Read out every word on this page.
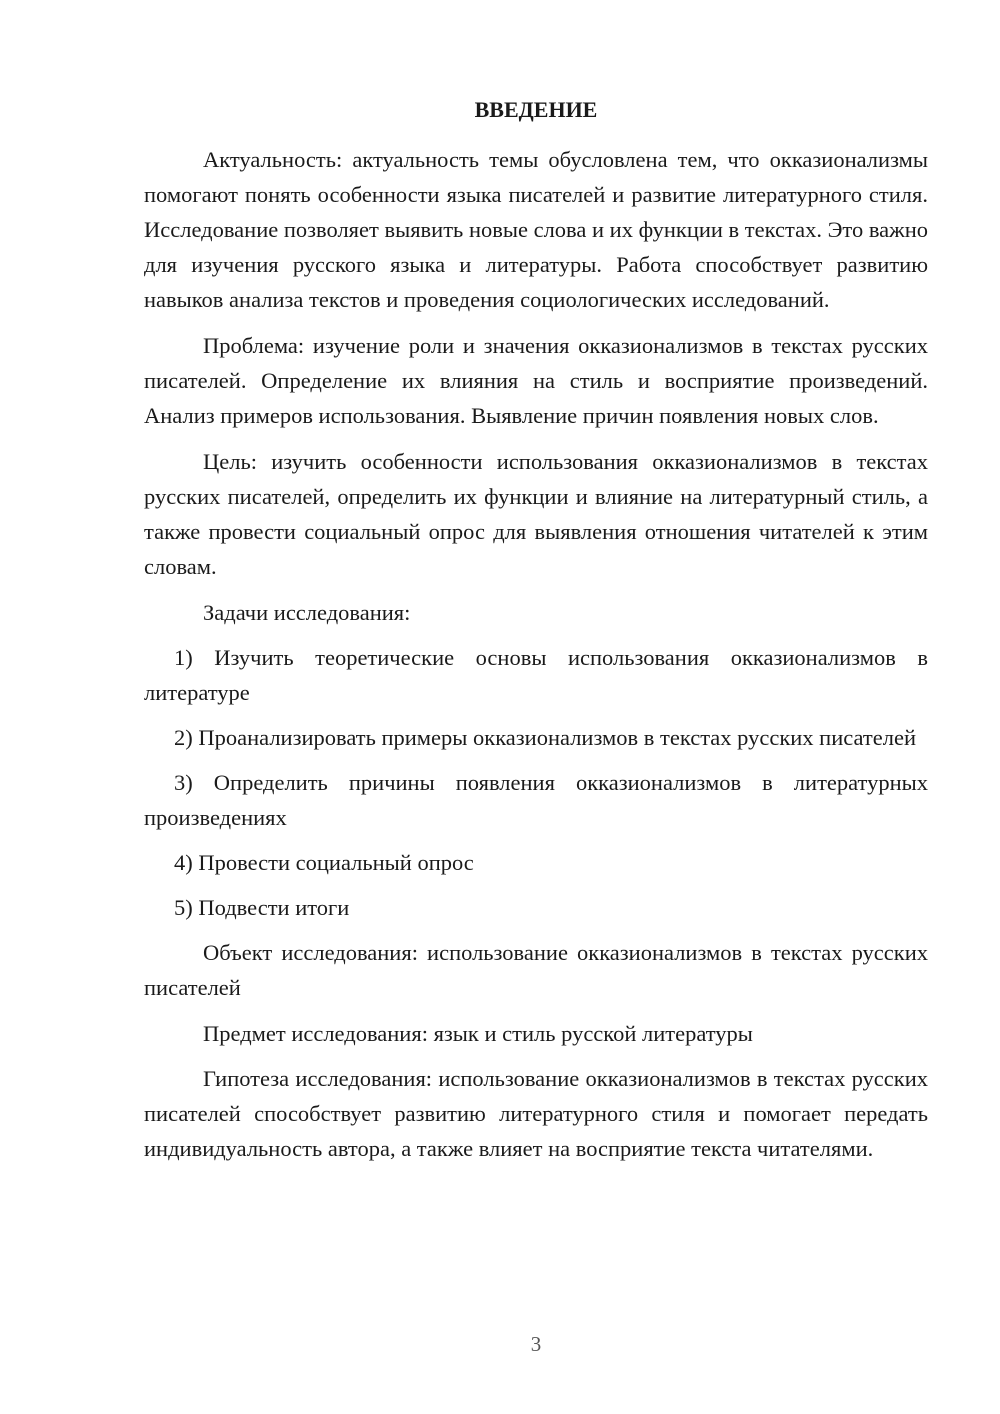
ВВЕДЕНИЕ

Актуальность: актуальность темы обусловлена тем, что окказионализмы помогают понять особенности языка писателей и развитие литературного стиля. Исследование позволяет выявить новые слова и их функции в текстах. Это важно для изучения русского языка и литературы. Работа способствует развитию навыков анализа текстов и проведения социологических исследований.

Проблема: изучение роли и значения окказионализмов в текстах русских писателей. Определение их влияния на стиль и восприятие произведений. Анализ примеров использования. Выявление причин появления новых слов.

Цель: изучить особенности использования окказионализмов в текстах русских писателей, определить их функции и влияние на литературный стиль, а также провести социальный опрос для выявления отношения читателей к этим словам.

Задачи исследования:

1) Изучить теоретические основы использования окказионализмов в литературе

2) Проанализировать примеры окказионализмов в текстах русских писателей

3) Определить причины появления окказионализмов в литературных произведениях

4) Провести социальный опрос

5) Подвести итоги

Объект исследования: использование окказионализмов в текстах русских писателей

Предмет исследования: язык и стиль русской литературы

Гипотеза исследования: использование окказионализмов в текстах русских писателей способствует развитию литературного стиля и помогает передать индивидуальность автора, а также влияет на восприятие текста читателями.

3
